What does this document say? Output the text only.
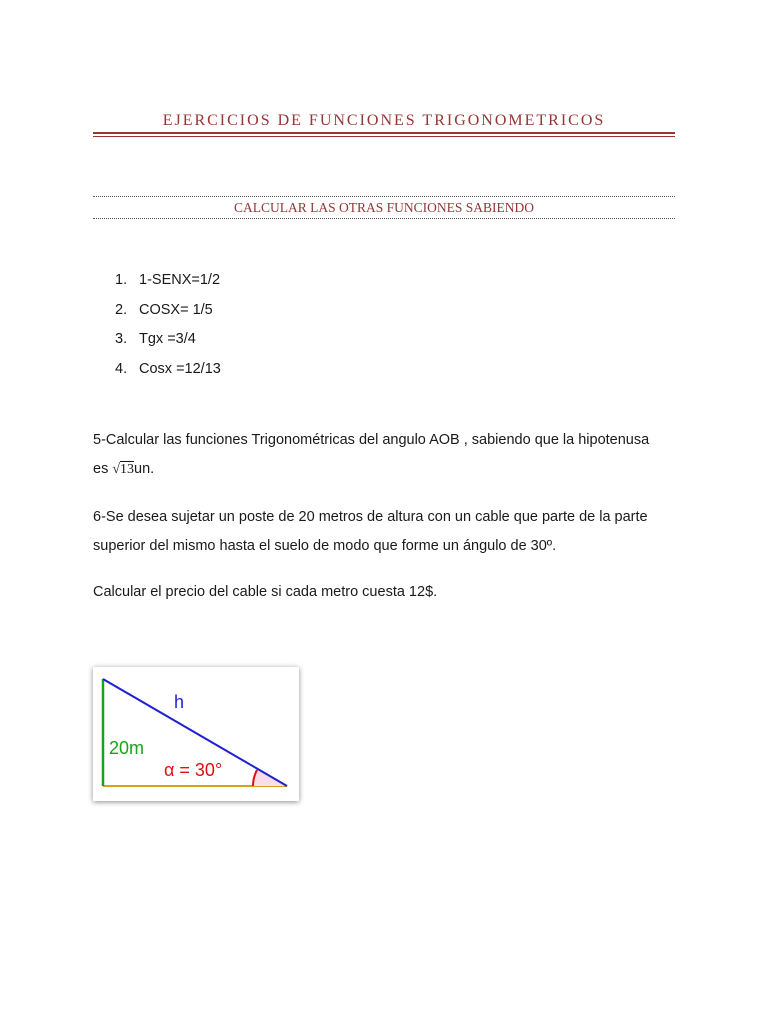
EJERCICIOS DE FUNCIONES TRIGONOMETRICOS
CALCULAR LAS OTRAS FUNCIONES SABIENDO
1. 1-SENX=1/2
2. COSX= 1/5
3. Tgx =3/4
4. Cosx =12/13
5-Calcular las funciones Trigonométricas del angulo AOB , sabiendo que la hipotenusa
es √13un.
6-Se desea sujetar un poste de 20 metros de altura con un cable que parte de la parte superior del mismo hasta el suelo de modo que forme un ángulo de 30º.
Calcular el precio del cable si cada metro cuesta 12$.
h
20m
α = 30°
